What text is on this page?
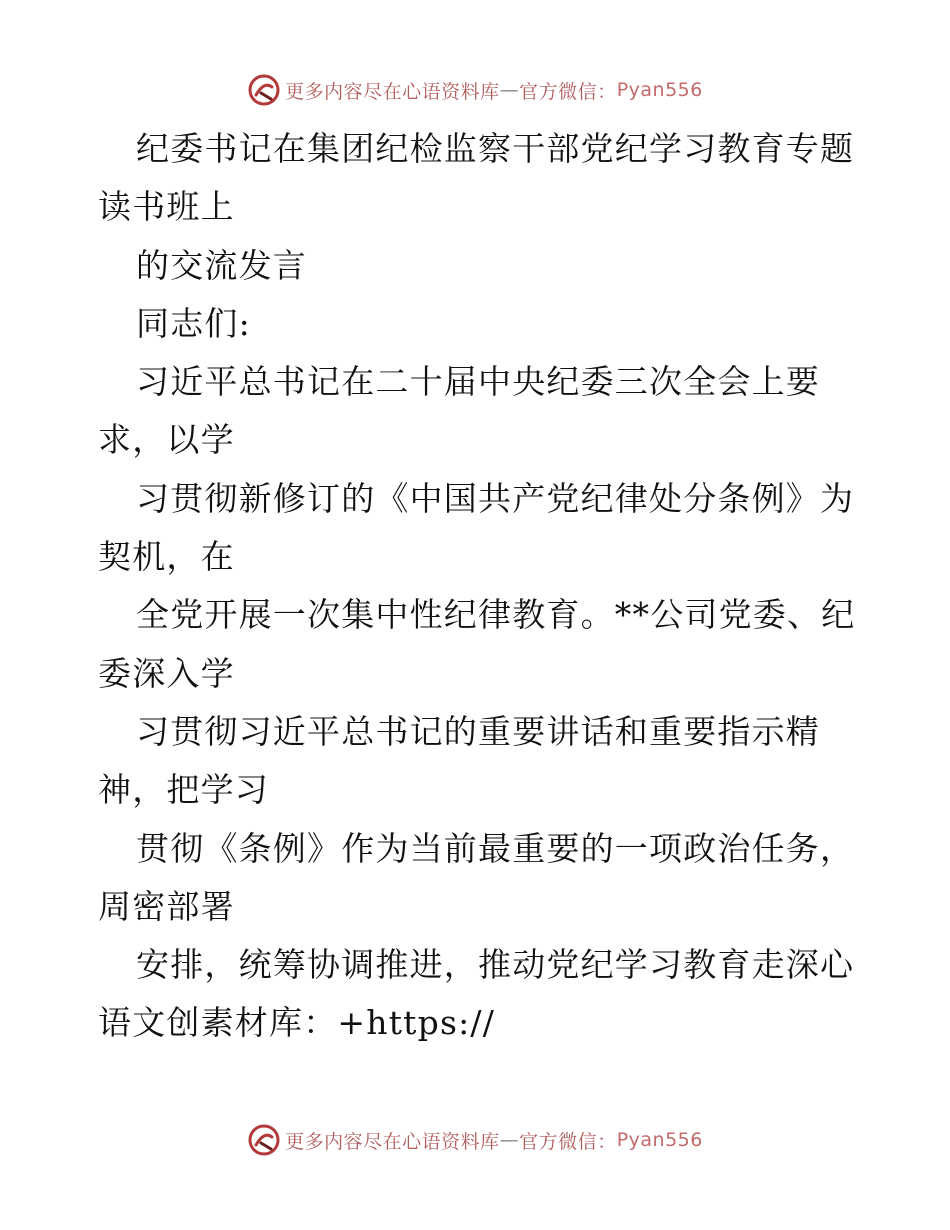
更多内容尽在心语资料库 — 官方微信： Pyan556
纪委书记在集团纪检监察干部党纪学习教育专题
读书班上
的交流发言
同志们:
习近平总书记在二十届中央纪委三次全会上要
求，以学
习贯彻新修订的《中国共产党纪律处分条例》为
契机，在
全党开展一次集中性纪律教育。**公司党委、纪
委深入学
习贯彻习近平总书记的重要讲话和重要指示精
神，把学习
贯彻《条例》作为当前最重要的一项政治任务，
周密部署
安排，统筹协调推进，推动党纪学习教育走深心
语文创素材库：+https://
更多内容尽在心语资料库 — 官方微信： Pyan556
